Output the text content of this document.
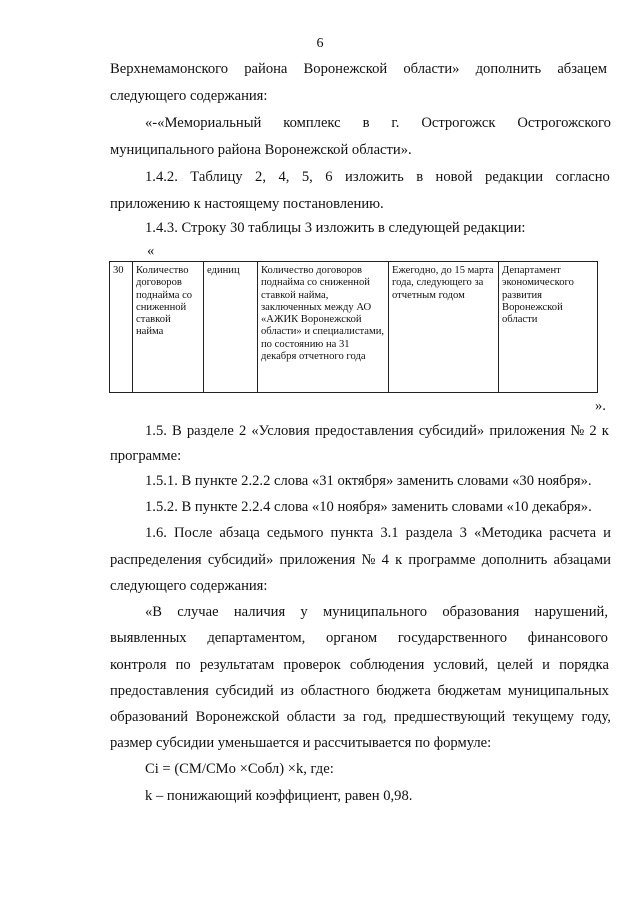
6
Верхнемамонского района Воронежской области» дополнить абзацем
следующего содержания:
«-«Мемориальный комплекс в г. Острогожск Острогожского
муниципального района Воронежской области».
1.4.2. Таблицу 2, 4, 5, 6 изложить в новой редакции согласно
приложению к настоящему постановлению.
1.4.3. Строку 30 таблицы 3 изложить в следующей редакции:
«
30	Количество договоров поднайма со сниженной ставкой найма	единиц	Количество договоров поднайма со сниженной ставкой найма, заключенных между АО «АЖИК Воронежской области» и специалистами, по состоянию на 31 декабря отчетного года	Ежегодно, до 15 марта года, следующего за отчетным годом	Департамент экономического развития Воронежской области
».
1.5. В разделе 2 «Условия предоставления субсидий» приложения № 2 к
программе:
1.5.1. В пункте 2.2.2 слова «31 октября» заменить словами «30 ноября».
1.5.2. В пункте 2.2.4 слова «10 ноября» заменить словами «10 декабря».
1.6. После абзаца седьмого пункта 3.1 раздела 3 «Методика расчета и
распределения субсидий» приложения № 4 к программе дополнить абзацами
следующего содержания:
«В случае наличия у муниципального образования нарушений,
выявленных департаментом, органом государственного финансового
контроля по результатам проверок соблюдения условий, целей и порядка
предоставления субсидий из областного бюджета бюджетам муниципальных
образований Воронежской области за год, предшествующий текущему году,
размер субсидии уменьшается и рассчитывается по формуле:
Ci = (CM/CMo ×Cобл) ×k, где:
k – понижающий коэффициент, равен 0,98.
